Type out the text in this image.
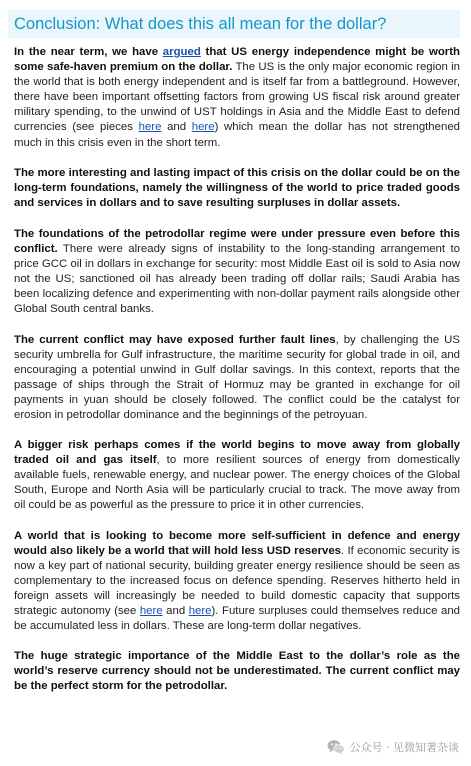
Conclusion: What does this all mean for the dollar?

In the near term, we have argued that US energy independence might be worth some safe-haven premium on the dollar. The US is the only major economic region in the world that is both energy independent and is itself far from a battleground. However, there have been important offsetting factors from growing US fiscal risk around greater military spending, to the unwind of UST holdings in Asia and the Middle East to defend currencies (see pieces here and here) which mean the dollar has not strengthened much in this crisis even in the short term.

The more interesting and lasting impact of this crisis on the dollar could be on the long-term foundations, namely the willingness of the world to price traded goods and services in dollars and to save resulting surpluses in dollar assets.

The foundations of the petrodollar regime were under pressure even before this conflict. There were already signs of instability to the long-standing arrangement to price GCC oil in dollars in exchange for security: most Middle East oil is sold to Asia now not the US; sanctioned oil has already been trading off dollar rails; Saudi Arabia has been localizing defence and experimenting with non-dollar payment rails alongside other Global South central banks.

The current conflict may have exposed further fault lines, by challenging the US security umbrella for Gulf infrastructure, the maritime security for global trade in oil, and encouraging a potential unwind in Gulf dollar savings. In this context, reports that the passage of ships through the Strait of Hormuz may be granted in exchange for oil payments in yuan should be closely followed. The conflict could be the catalyst for erosion in petrodollar dominance and the beginnings of the petroyuan.

A bigger risk perhaps comes if the world begins to move away from globally traded oil and gas itself, to more resilient sources of energy from domestically available fuels, renewable energy, and nuclear power. The energy choices of the Global South, Europe and North Asia will be particularly crucial to track. The move away from oil could be as powerful as the pressure to price it in other currencies.

A world that is looking to become more self-sufficient in defence and energy would also likely be a world that will hold less USD reserves. If economic security is now a key part of national security, building greater energy resilience should be seen as complementary to the increased focus on defence spending. Reserves hitherto held in foreign assets will increasingly be needed to build domestic capacity that supports strategic autonomy (see here and here). Future surpluses could themselves reduce and be accumulated less in dollars. These are long-term dollar negatives.

The huge strategic importance of the Middle East to the dollar’s role as the world’s reserve currency should not be underestimated. The current conflict may be the perfect storm for the petrodollar.

公众号 · 见微知著杂谈
